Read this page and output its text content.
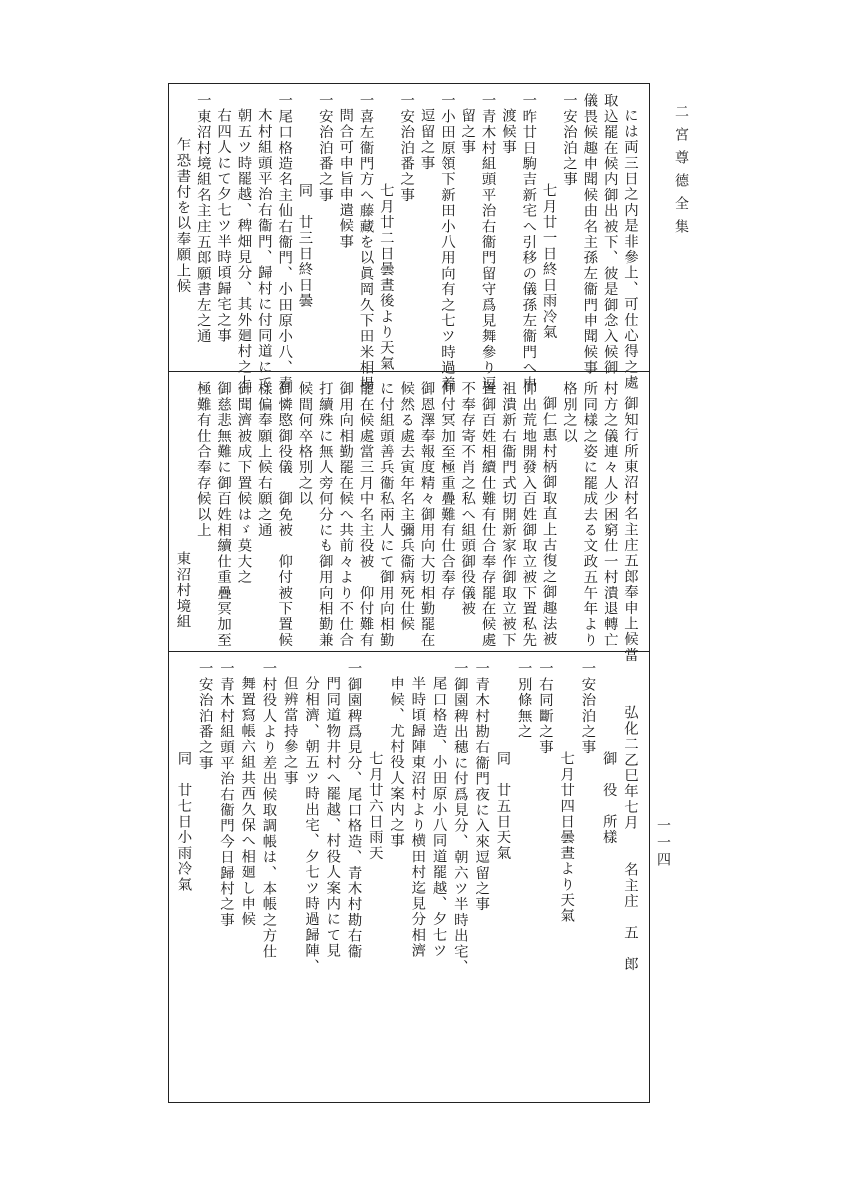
二宮尊德全集
一一四
には両三日之内是非參上、可仕心得之處
取込罷在候内御出被下、彼是御念入候御
儀畏候趣申聞候由名主孫左衞門申聞候事
一安治泊之事
七月廿一日終日雨冷氣
一昨廿日駒吉新宅へ引移の儀孫左衞門へ申
渡候事
一青木村組頭平治右衞門留守爲見舞參り逗
留之事
一小田原領下新田小八用向有之七ツ時過着
逗留之事
一安治泊番之事
七月廿二日曇晝後より天氣
一喜左衞門方へ藤藏を以眞岡久下田米相場
問合可申旨申遣候事
一安治泊番之事
同　廿三日終日曇
一尾口格造名主仙右衞門、小田原小八、青
木村組頭平治右衞門、歸村に付同道にて
朝五ツ時罷越、稗畑見分、其外廻村之上
右四人にて夕七ツ半時頃歸宅之事
一東沼村境組名主庄五郎願書左之通
乍恐書付を以奉願上候
御知行所東沼村名主庄五郎奉申上候當
村方之儀連々人少困窮仕一村潰退轉亡
所同樣之姿に罷成去る文政五午年より
格別之以
御仁惠村柄御取直上古復之御趣法被
仰出荒地開發入百姓御取立被下置私先
祖潰新右衞門式切開新家作御取立被下
置御百姓相續仕難有仕合奉存罷在候處
不奉存寄不肖之私へ組頭御役儀被
仰付冥加至極重疊難有仕合奉存
御恩澤奉報度精々御用向大切相勤罷在
候然る處去寅年名主彌兵衞病死仕候
に付組頭善兵衞私兩人にて御用向相勤
罷在候處當三月中名主役被　仰付難有
御用向相勤罷在候へ共前々より不仕合
打續殊に無人旁何分にも御用向相勤兼
候間何卒格別之以
御憐愍御役儀　御免被　仰付被下置候
樣偏奉願上候右願之通
御聞濟被成下置候はゞ莫大之
御慈悲無難に御百姓相續仕重疊冥加至
極難有仕合奉存候以上
東沼村境組
弘化二乙巳年七月　　名主庄　五　郎
御　役　所樣
一安治泊之事
七月廿四日曇晝より天氣
一右同斷之事
一別條無之
同　廿五日天氣
一青木村勘右衞門夜に入來逗留之事
一御園稗出穗に付爲見分、朝六ツ半時出宅、
尾口格造、小田原小八同道罷越、夕七ツ
半時頃歸陣東沼村より横田村迄見分相濟
申候、尤村役人案内之事
七月廿六日雨天
一御園稗爲見分、尾口格造、青木村勘右衞
門同道物井村へ罷越、村役人案内にて見
分相濟、朝五ツ時出宅、夕七ツ時過歸陣、
但辨當持參之事
一村役人より差出候取調帳は、本帳之方仕
舞置寫帳六組共西久保へ相廻し申候
一青木村組頭平治右衞門今日歸村之事
一安治泊番之事
同　廿七日小雨冷氣
